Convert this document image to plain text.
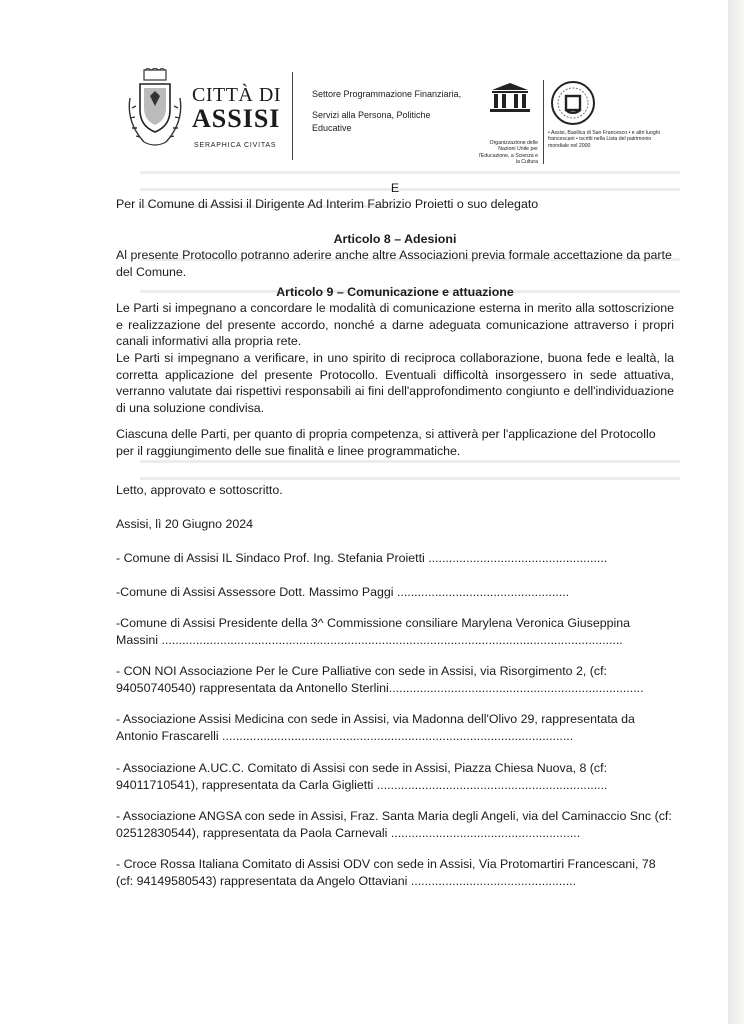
CITTÀ DI
ASSISI
SERAPHICA CIVITAS
Settore Programmazione Finanziaria,
Servizi alla Persona, Politiche Educative
Organizzazione delle Nazioni Unite per l'Educazione, a Scienza e la Cultura
• Assisi, Basilica di San Francesco • e altri luoghi francescani • iscritti nella Lista del patrimonio mondiale nel 2000
E
Per il Comune di Assisi il Dirigente Ad Interim Fabrizio Proietti o suo delegato
Articolo 8 – Adesioni
Al presente Protocollo potranno aderire anche altre Associazioni previa formale accettazione da parte del Comune.
Articolo 9 – Comunicazione e attuazione
Le Parti si impegnano a concordare le modalità di comunicazione esterna in merito alla sottoscrizione e realizzazione del presente accordo, nonché a darne adeguata comunicazione attraverso i propri canali informativi alla propria rete.
Le Parti si impegnano a verificare, in uno spirito di reciproca collaborazione, buona fede e lealtà, la corretta applicazione del presente Protocollo. Eventuali difficoltà insorgessero in sede attuativa, verranno valutate dai rispettivi responsabili ai fini dell'approfondimento congiunto e dell'individuazione di una soluzione condivisa.
Ciascuna delle Parti, per quanto di propria competenza, si attiverà per l'applicazione del Protocollo per il raggiungimento delle sue finalità e linee programmatiche.
Letto, approvato e sottoscritto.
Assisi, lì 20 Giugno 2024
- Comune di Assisi IL Sindaco Prof. Ing. Stefania Proietti ....................................................
-Comune di Assisi Assessore Dott. Massimo Paggi ..................................................
-Comune di Assisi Presidente della 3^ Commissione consiliare Marylena Veronica Giuseppina Massini ......................................................................................................................................
- CON NOI Associazione Per le Cure Palliative con sede in Assisi, via Risorgimento 2, (cf: 94050740540) rappresentata da Antonello Sterlini..........................................................................
- Associazione Assisi Medicina con sede in Assisi, via Madonna dell'Olivo 29, rappresentata da Antonio Frascarelli ......................................................................................................
- Associazione A.UC.C. Comitato di Assisi con sede in Assisi, Piazza Chiesa Nuova, 8 (cf: 94011710541), rappresentata da Carla Giglietti ...................................................................
- Associazione ANGSA con sede in Assisi, Fraz. Santa Maria degli Angeli, via del Caminaccio Snc (cf: 02512830544), rappresentata da Paola Carnevali .......................................................
- Croce Rossa Italiana Comitato di Assisi ODV con sede in Assisi, Via Protomartiri Francescani, 78 (cf: 94149580543) rappresentata da Angelo Ottaviani ................................................
